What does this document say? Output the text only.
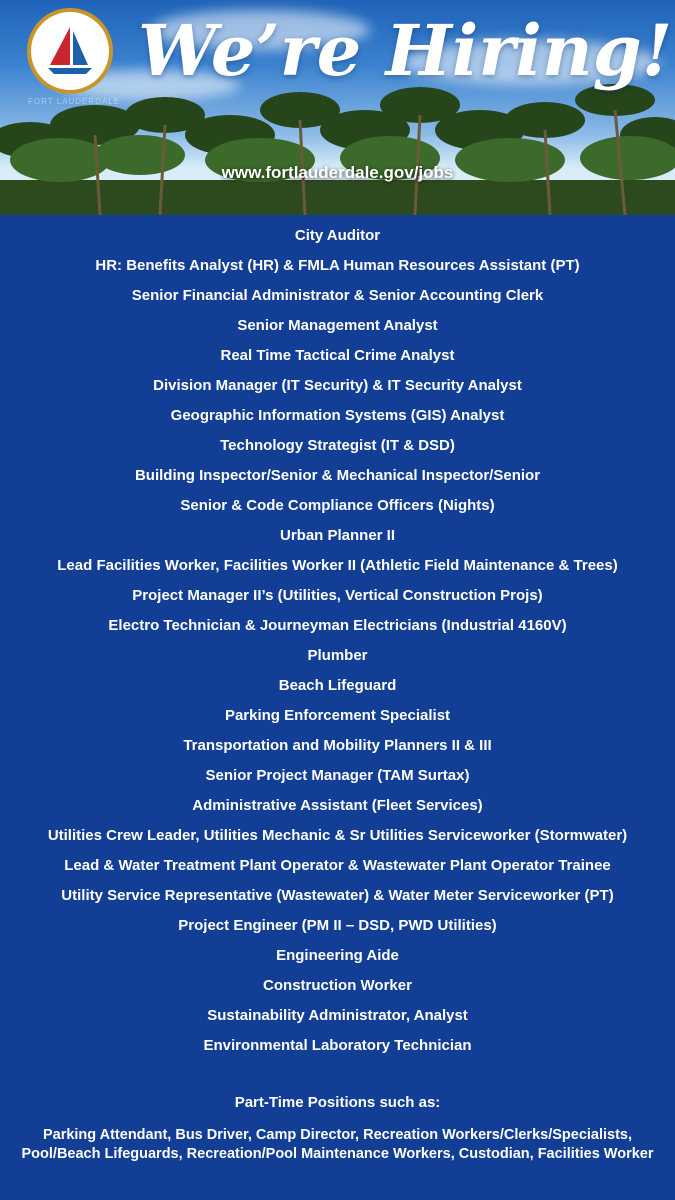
FORT LAUDERDALE
We’re Hiring!
www.fortlauderdale.gov/jobs
City Auditor
HR: Benefits Analyst (HR) & FMLA Human Resources Assistant (PT)
Senior Financial Administrator & Senior Accounting Clerk
Senior Management Analyst
Real Time Tactical Crime Analyst
Division Manager (IT Security) & IT Security Analyst
Geographic Information Systems (GIS) Analyst
Technology Strategist (IT & DSD)
Building Inspector/Senior & Mechanical Inspector/Senior
Senior & Code Compliance Officers (Nights)
Urban Planner II
Lead Facilities Worker, Facilities Worker II (Athletic Field Maintenance & Trees)
Project Manager II’s (Utilities, Vertical Construction Projs)
Electro Technician & Journeyman Electricians (Industrial 4160V)
Plumber
Beach Lifeguard
Parking Enforcement Specialist
Transportation and Mobility Planners II & III
Senior Project Manager (TAM Surtax)
Administrative Assistant (Fleet Services)
Utilities Crew Leader, Utilities Mechanic & Sr Utilities Serviceworker (Stormwater)
Lead & Water Treatment Plant Operator & Wastewater Plant Operator Trainee
Utility Service Representative (Wastewater) & Water Meter Serviceworker (PT)
Project Engineer (PM II – DSD, PWD Utilities)
Engineering Aide
Construction Worker
Sustainability Administrator, Analyst
Environmental Laboratory Technician
Part-Time Positions such as:
Parking Attendant, Bus Driver, Camp Director, Recreation Workers/Clerks/Specialists,
Pool/Beach Lifeguards, Recreation/Pool Maintenance Workers, Custodian, Facilities Worker
